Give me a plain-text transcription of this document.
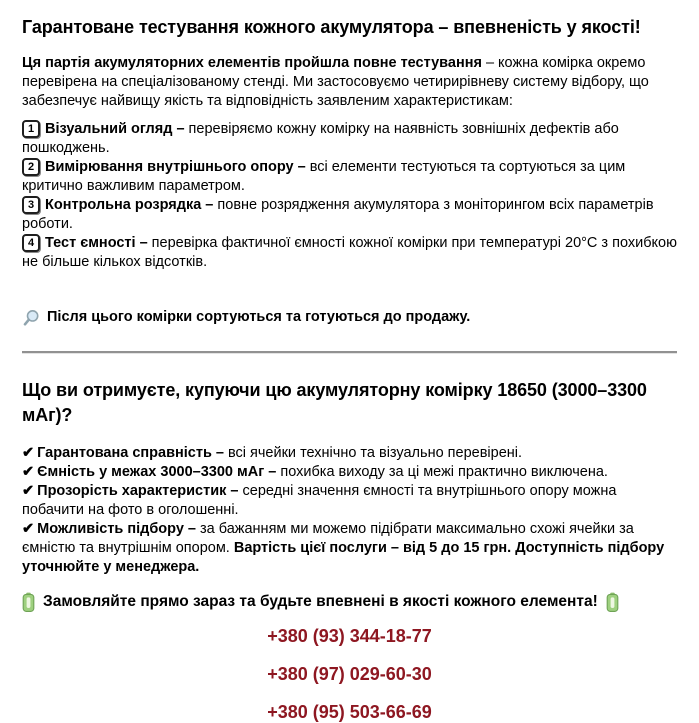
Гарантоване тестування кожного акумулятора – впевненість у якості!

Ця партія акумуляторних елементів пройшла повне тестування – кожна комірка окремо перевірена на спеціалізованому стенді. Ми застосовуємо четирирівневу систему відбору, що забезпечує найвищу якість та відповідність заявленим характеристикам:

1 Візуальний огляд – перевіряємо кожну комірку на наявність зовнішніх дефектів або пошкоджень.
2 Вимірювання внутрішнього опору – всі елементи тестуються та сортуються за цим критично важливим параметром.
3 Контрольна розрядка – повне розрядження акумулятора з моніторингом всіх параметрів роботи.
4 Тест ємності – перевірка фактичної ємності кожної комірки при температурі 20°C з похибкою не більше кількох відсотків.

Після цього комірки сортуються та готуються до продажу.

Що ви отримуєте, купуючи цю акумуляторну комірку 18650 (3000–3300 мАг)?
✔ Гарантована справність – всі ячейки технічно та візуально перевірені.
✔ Ємність у межах 3000–3300 мАг – похибка виходу за ці межі практично виключена.
✔ Прозорість характеристик – середні значення ємності та внутрішнього опору можна побачити на фото в оголошенні.
✔ Можливість підбору – за бажанням ми можемо підібрати максимально схожі ячейки за ємністю та внутрішнім опором. Вартість цієї послуги – від 5 до 15 грн. Доступність підбору уточнюйте у менеджера.

Замовляйте прямо зараз та будьте впевнені в якості кожного елемента!

+380 (93) 344-18-77

+380 (97) 029-60-30

+380 (95) 503-66-69
